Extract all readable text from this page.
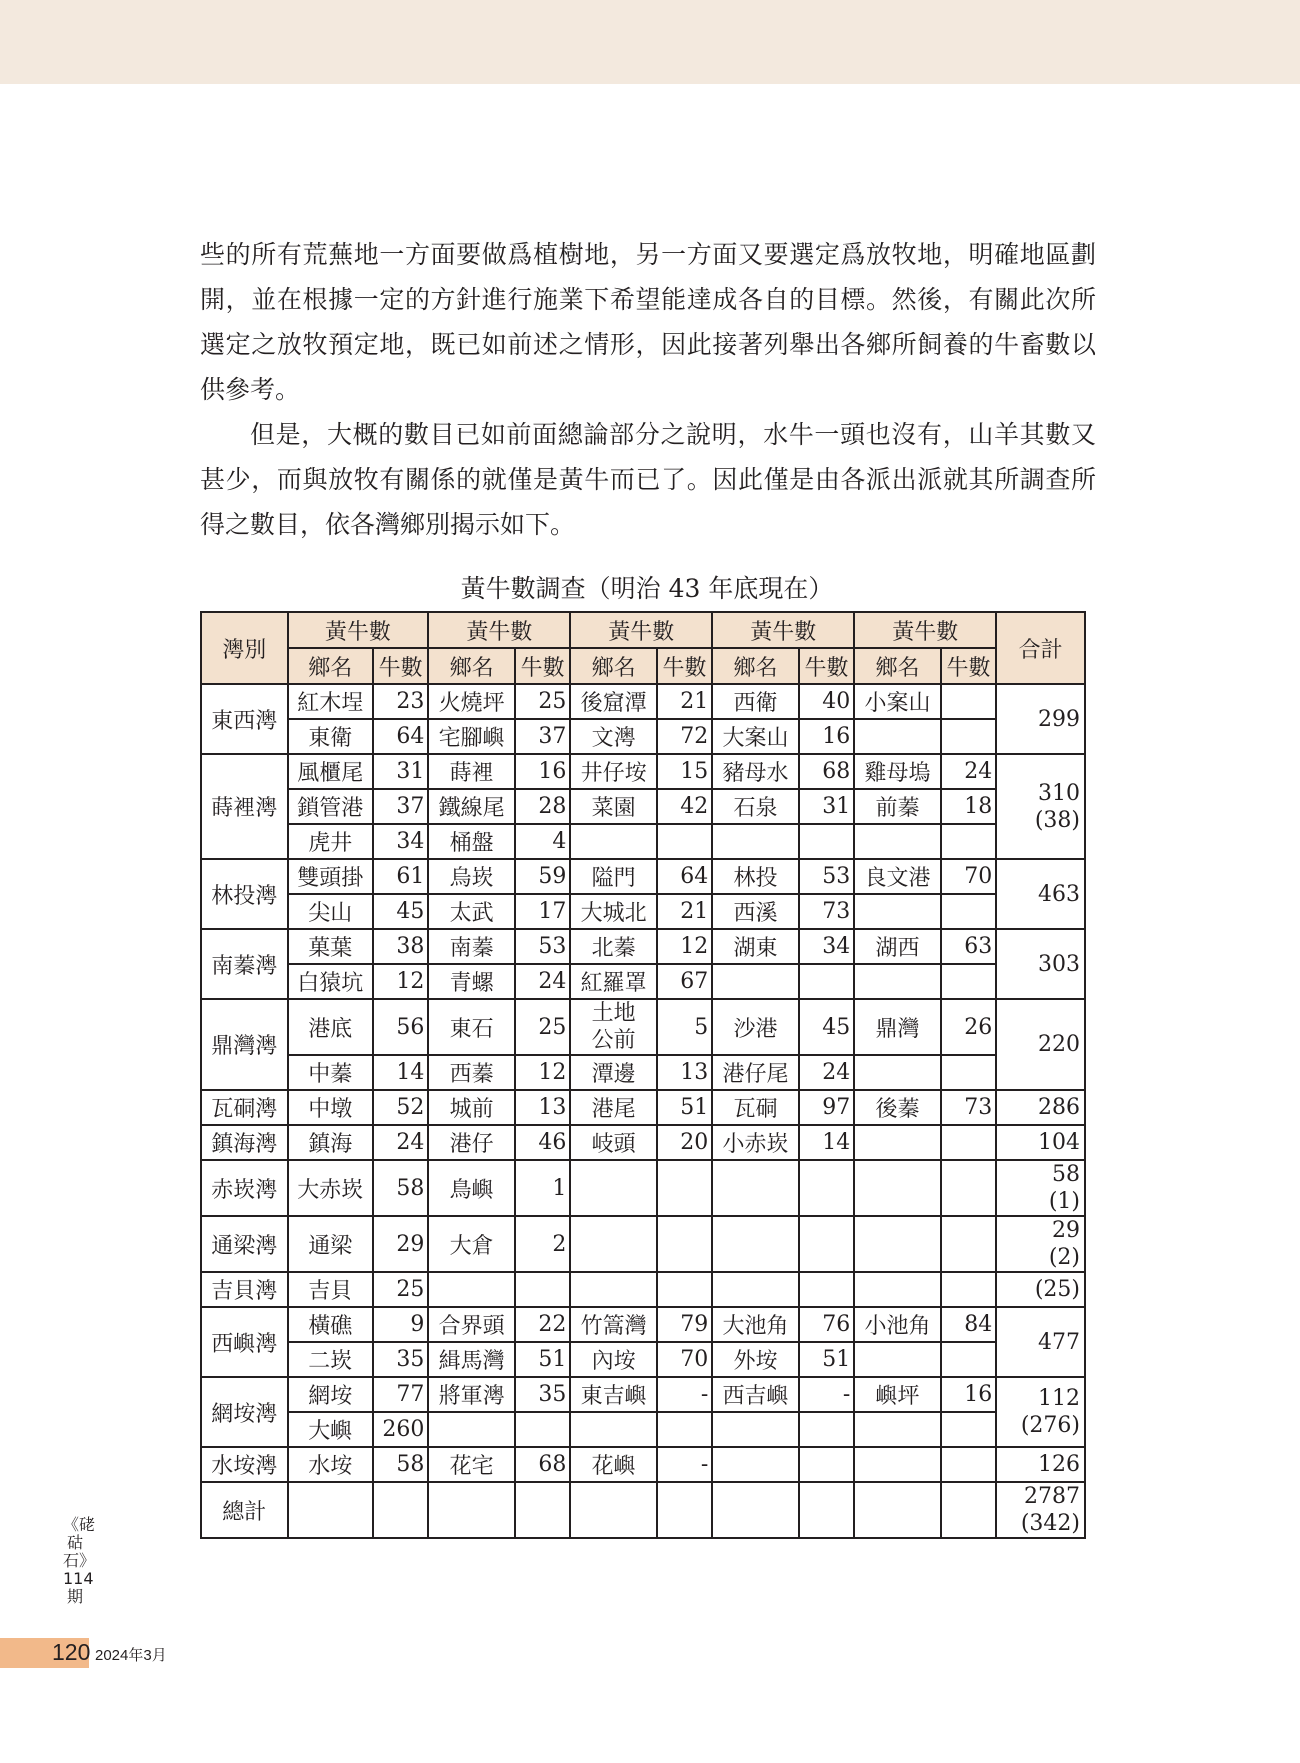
些的所有荒蕪地一方面要做爲植樹地，另一方面又要選定爲放牧地，明確地區劃開，並在根據一定的方針進行施業下希望能達成各自的目標。然後，有關此次所選定之放牧預定地，既已如前述之情形，因此接著列舉出各鄉所飼養的牛畜數以供參考。

但是，大概的數目已如前面總論部分之說明，水牛一頭也沒有，山羊其數又甚少，而與放牧有關係的就僅是黃牛而已了。因此僅是由各派出派就其所調查所得之數目，依各灣鄉別揭示如下。

黃牛數調查（明治 43 年底現在）
澚別	黃牛數		黃牛數		黃牛數		黃牛數		黃牛數		合計
	鄉名	牛數	鄉名	牛數	鄉名	牛數	鄉名	牛數	鄉名	牛數	
東西澚	紅木埕	23	火燒坪	25	後窟潭	21	西衛	40	小案山		299
	東衛	64	宅腳嶼	37	文澚	72	大案山	16			
蒔裡澚	風櫃尾	31	蒔裡	16	井仔垵	15	豬母水	68	雞母塢	24	310
(38)
	鎖管港	37	鐵線尾	28	菜園	42	石泉	31	前蓁	18	
	虎井	34	桶盤	4							
林投澚	雙頭掛	61	烏崁	59	隘門	64	林投	53	良文港	70	463
	尖山	45	太武	17	大城北	21	西溪	73			
南蓁澚	菓葉	38	南蓁	53	北蓁	12	湖東	34	湖西	63	303
	白猿坑	12	青螺	24	紅羅罩	67					
鼎灣澚	港底	56	東石	25	土地
公前	5	沙港	45	鼎灣	26	220
	中蓁	14	西蓁	12	潭邊	13	港仔尾	24			
瓦硐澚	中墩	52	城前	13	港尾	51	瓦硐	97	後蓁	73	286
鎮海澚	鎮海	24	港仔	46	岐頭	20	小赤崁	14			104
赤崁澚	大赤崁	58	鳥嶼	1							58
(1)
通梁澚	通梁	29	大倉	2							29
(2)
吉貝澚	吉貝	25									(25)
西嶼澚	橫礁	9	合界頭	22	竹篙灣	79	大池角	76	小池角	84	477
	二崁	35	緝馬灣	51	內垵	70	外垵	51			
網垵澚	網垵	77	將軍澚	35	東吉嶼	-	西吉嶼	-	嶼坪	16	112
(276)
	大嶼	260									
水垵澚	水垵	58	花宅	68	花嶼	-					126
總計											2787
(342)
《硓𥑮石》114期
120 2024年3月
